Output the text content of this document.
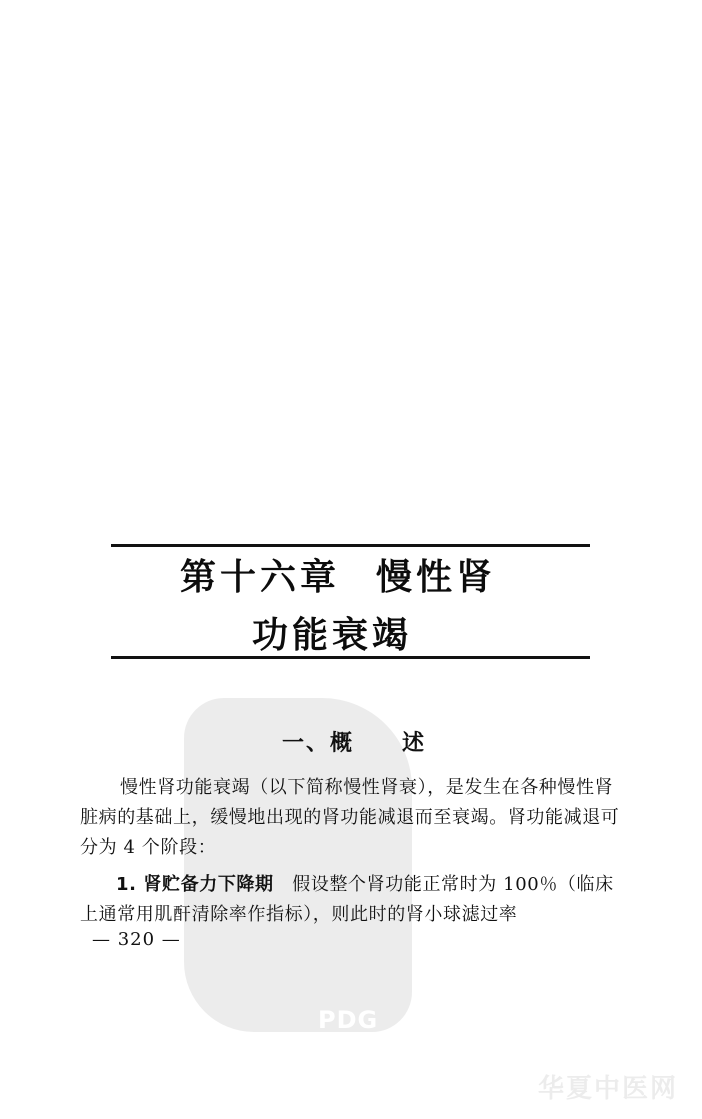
PDG
第十六章 慢性肾
功能衰竭
一、概 述
慢性肾功能衰竭（以下简称慢性肾衰），是发生在各种慢性肾脏病的基础上，缓慢地出现的肾功能减退而至衰竭。肾功能减退可分为 4 个阶段：
1. 肾贮备力下降期　假设整个肾功能正常时为 100％（临床上通常用肌酐清除率作指标），则此时的肾小球滤过率
— 320 —
华夏中医网
